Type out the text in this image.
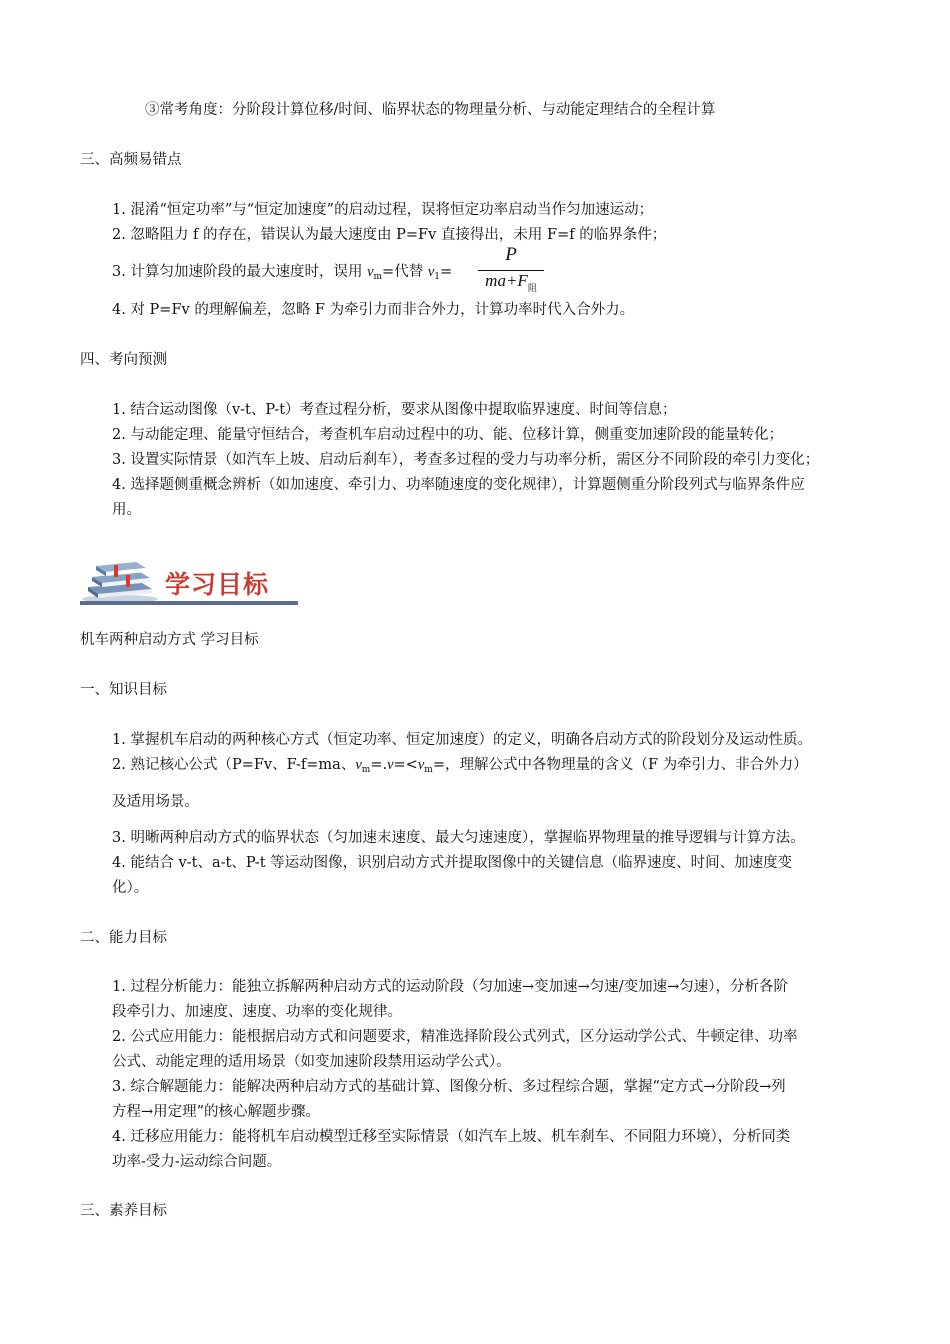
③常考角度：分阶段计算位移/时间、临界状态的物理量分析、与动能定理结合的全程计算
三、高频易错点
1. 混淆“恒定功率”与“恒定加速度”的启动过程，误将恒定功率启动当作匀加速运动；
2. 忽略阻力 f 的存在，错误认为最大速度由 P=Fv 直接得出，未用 F=f 的临界条件；
3. 计算匀加速阶段的最大速度时，误用 $v_m=$代替 $v_1=$
P
$ma+F_阻$
4. 对 P=Fv 的理解偏差，忽略 F 为牵引力而非合外力，计算功率时代入合外力。
四、考向预测
1. 结合运动图像（v-t、P-t）考查过程分析，要求从图像中提取临界速度、时间等信息；
2. 与动能定理、能量守恒结合，考查机车启动过程中的功、能、位移计算，侧重变加速阶段的能量转化；
3. 设置实际情景（如汽车上坡、启动后刹车），考查多过程的受力与功率分析，需区分不同阶段的牵引力变化；
4. 选择题侧重概念辨析（如加速度、牵引力、功率随速度的变化规律），计算题侧重分阶段列式与临界条件应
用。
学习目标
机车两种启动方式 学习目标
一、知识目标
1. 掌握机车启动的两种核心方式（恒定功率、恒定加速度）的定义，明确各启动方式的阶段划分及运动性质。
2. 熟记核心公式（P=Fv、F-f=ma、$v_m=.v=<v_m=$，理解公式中各物理量的含义（F 为牵引力、非合外力）
及适用场景。
3. 明晰两种启动方式的临界状态（匀加速末速度、最大匀速速度），掌握临界物理量的推导逻辑与计算方法。
4. 能结合 v-t、a-t、P-t 等运动图像，识别启动方式并提取图像中的关键信息（临界速度、时间、加速度变
化）。
二、能力目标
1. 过程分析能力：能独立拆解两种启动方式的运动阶段（匀加速→变加速→匀速/变加速→匀速），分析各阶
段牵引力、加速度、速度、功率的变化规律。
2. 公式应用能力：能根据启动方式和问题要求，精准选择阶段公式列式，区分运动学公式、牛顿定律、功率
公式、动能定理的适用场景（如变加速阶段禁用运动学公式）。
3. 综合解题能力：能解决两种启动方式的基础计算、图像分析、多过程综合题，掌握“定方式→分阶段→列
方程→用定理”的核心解题步骤。
4. 迁移应用能力：能将机车启动模型迁移至实际情景（如汽车上坡、机车刹车、不同阻力环境），分析同类
功率-受力-运动综合问题。
三、素养目标
